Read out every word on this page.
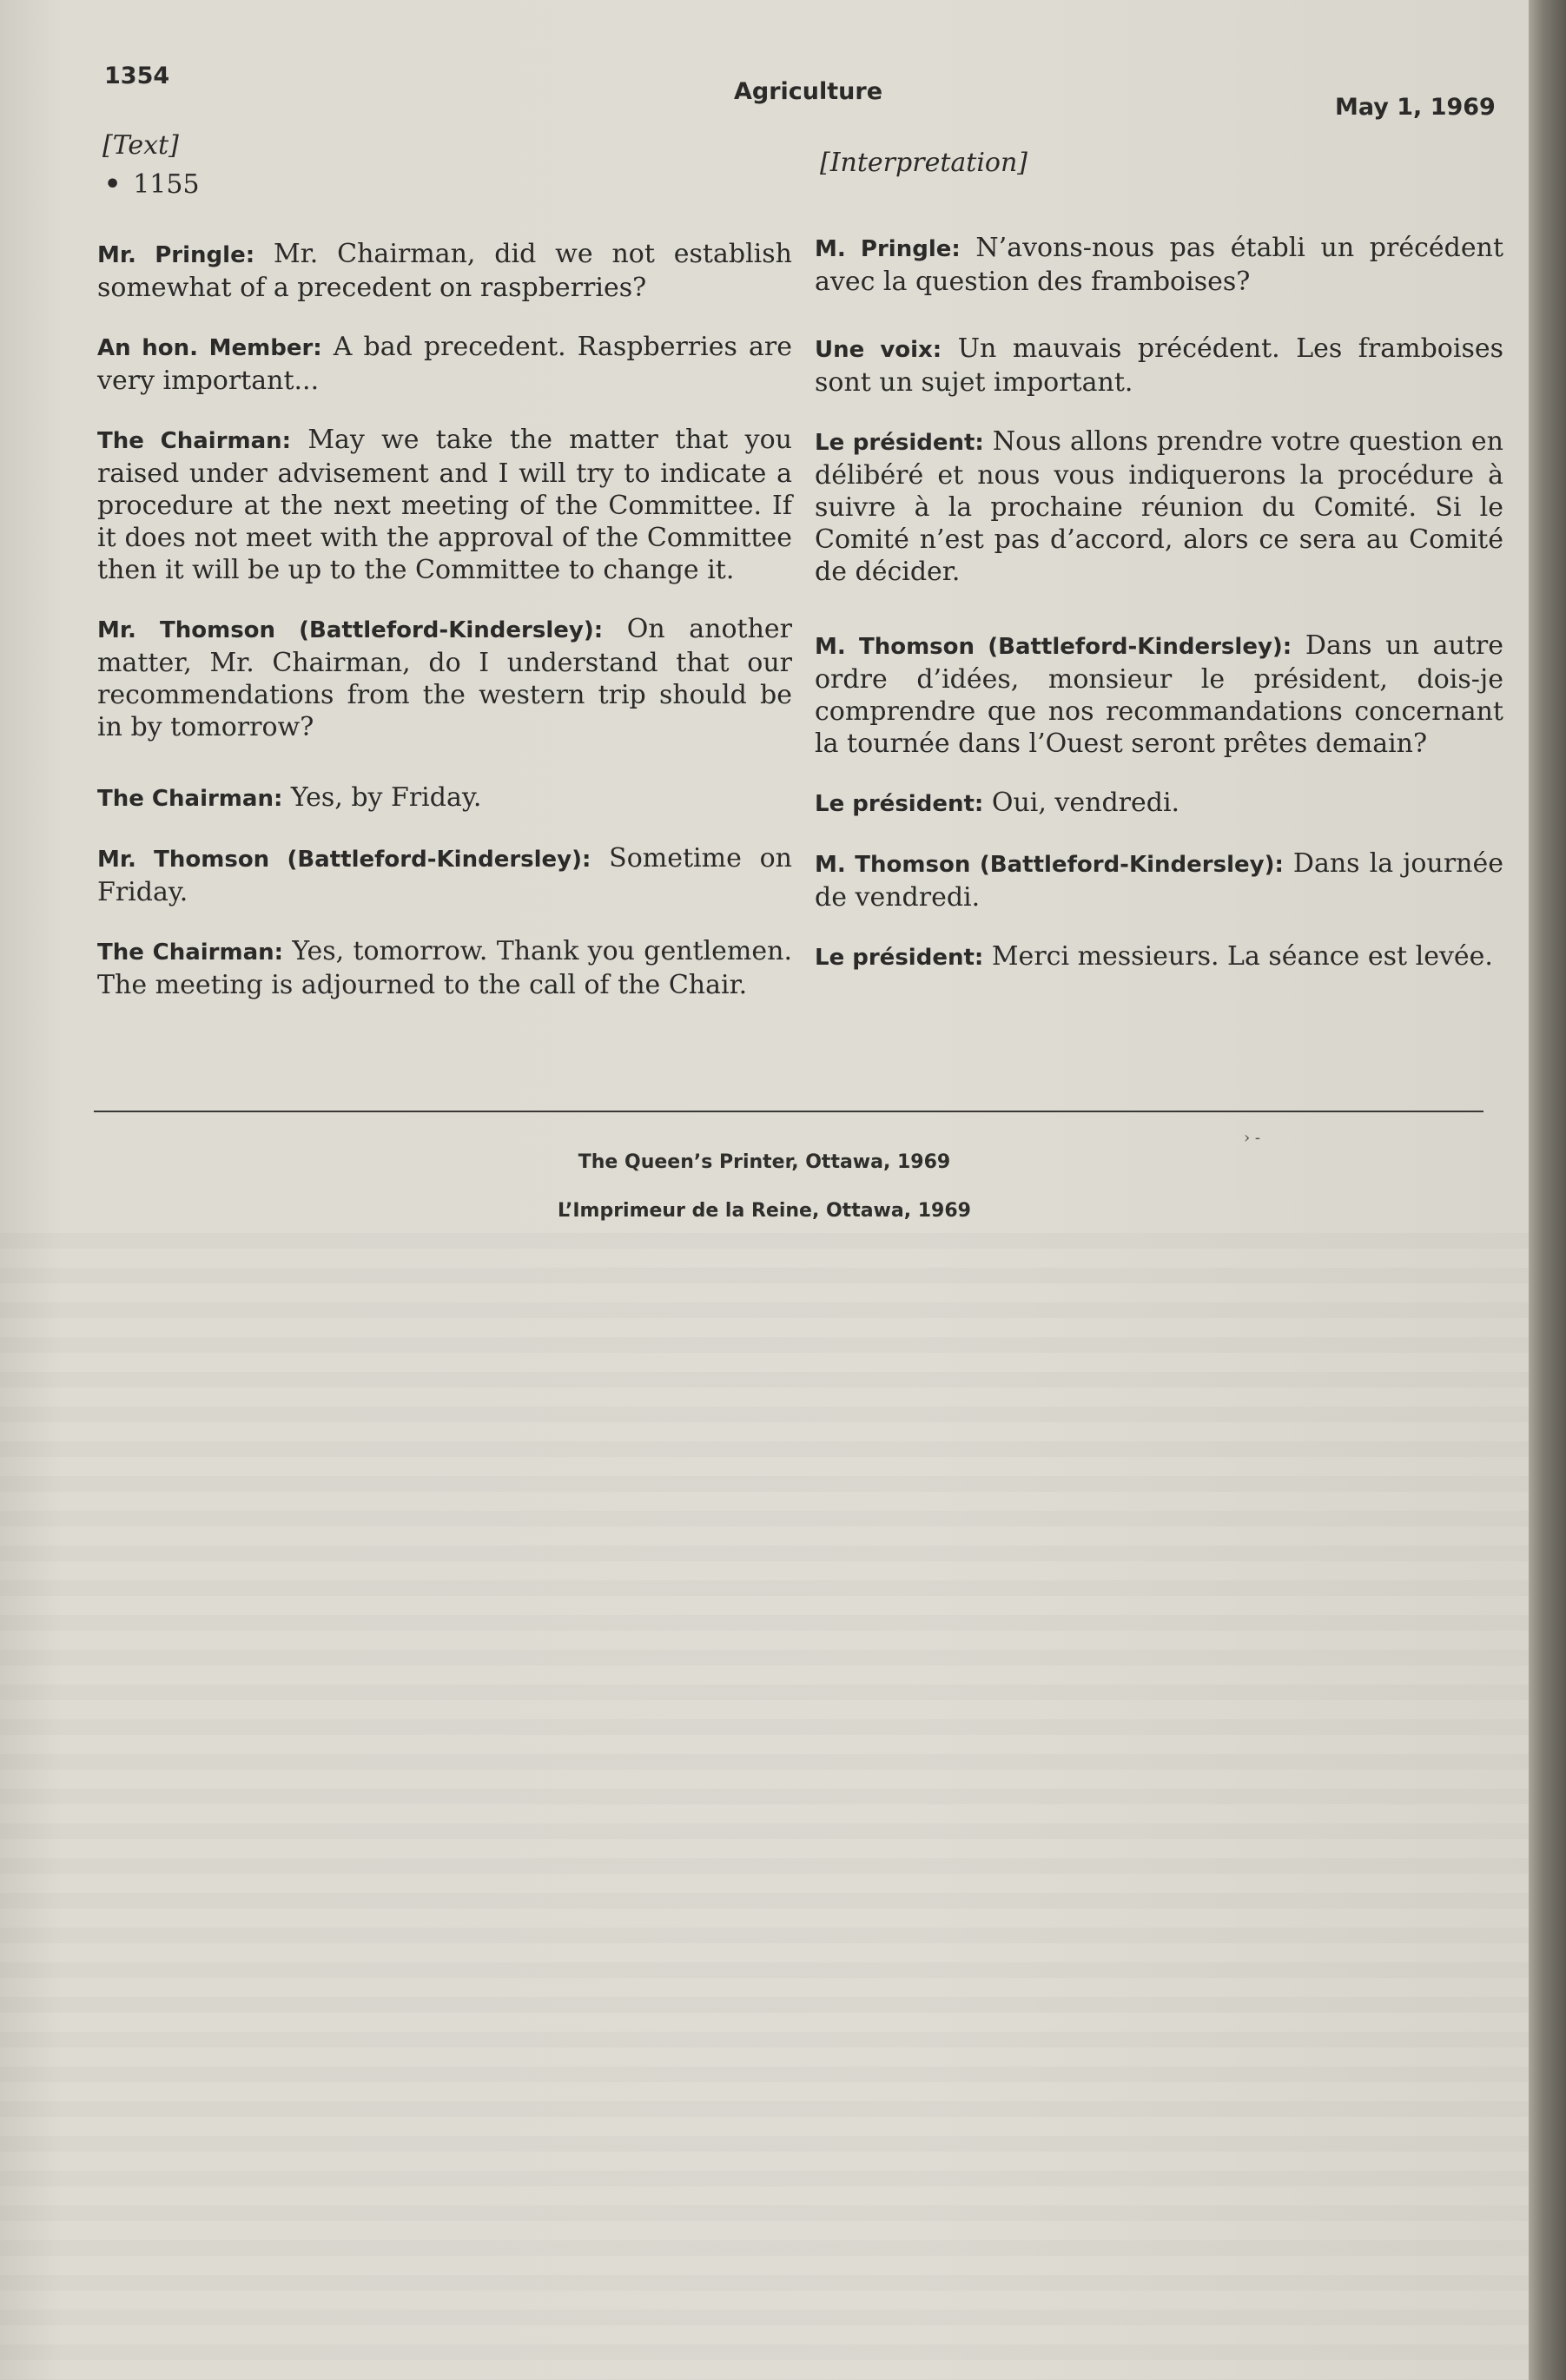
1354
Agriculture
May 1, 1969
[Text]
• 1155

Mr. Pringle: Mr. Chairman, did we not establish somewhat of a precedent on raspberries?

An hon. Member: A bad precedent. Raspberries are very important...

The Chairman: May we take the matter that you raised under advisement and I will try to indicate a procedure at the next meeting of the Committee. If it does not meet with the approval of the Committee then it will be up to the Committee to change it.

Mr. Thomson (Battleford-Kindersley): On another matter, Mr. Chairman, do I understand that our recommendations from the western trip should be in by tomorrow?

The Chairman: Yes, by Friday.

Mr. Thomson (Battleford-Kindersley): Sometime on Friday.

The Chairman: Yes, tomorrow. Thank you gentlemen. The meeting is adjourned to the call of the Chair.

[Interpretation]

M. Pringle: N’avons-nous pas établi un précédent avec la question des framboises?

Une voix: Un mauvais précédent. Les framboises sont un sujet important.

Le président: Nous allons prendre votre question en délibéré et nous vous indiquerons la procédure à suivre à la prochaine réunion du Comité. Si le Comité n’est pas d’accord, alors ce sera au Comité de décider.

M. Thomson (Battleford-Kindersley): Dans un autre ordre d’idées, monsieur le président, dois-je comprendre que nos recommandations concernant la tournée dans l’Ouest seront prêtes demain?

Le président: Oui, vendredi.

M. Thomson (Battleford-Kindersley): Dans la journée de vendredi.

Le président: Merci messieurs. La séance est levée.

› -
The Queen’s Printer, Ottawa, 1969
L’Imprimeur de la Reine, Ottawa, 1969
